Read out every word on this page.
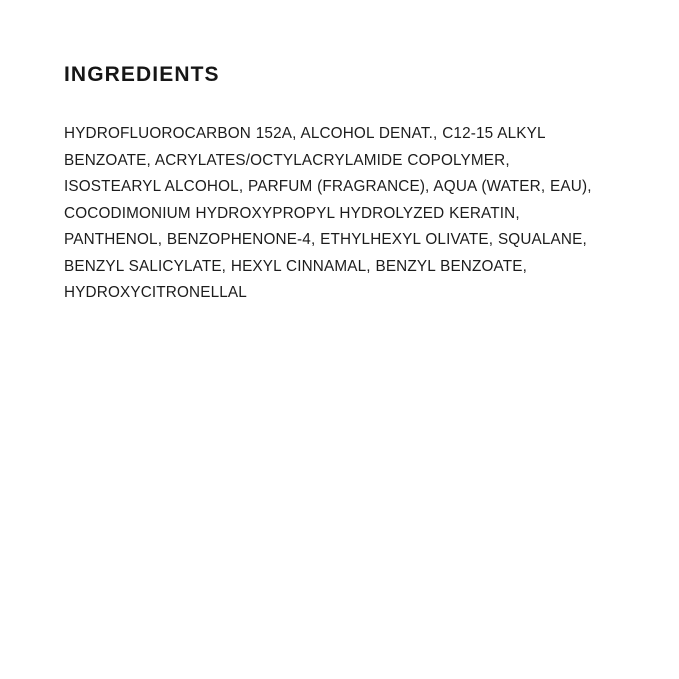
INGREDIENTS

HYDROFLUOROCARBON 152A, ALCOHOL DENAT., C12-15 ALKYL BENZOATE, ACRYLATES/OCTYLACRYLAMIDE COPOLYMER, ISOSTEARYL ALCOHOL, PARFUM (FRAGRANCE), AQUA (WATER, EAU), COCODIMONIUM HYDROXYPROPYL HYDROLYZED KERATIN, PANTHENOL, BENZOPHENONE-4, ETHYLHEXYL OLIVATE, SQUALANE, BENZYL SALICYLATE, HEXYL CINNAMAL, BENZYL BENZOATE, HYDROXYCITRONELLAL
